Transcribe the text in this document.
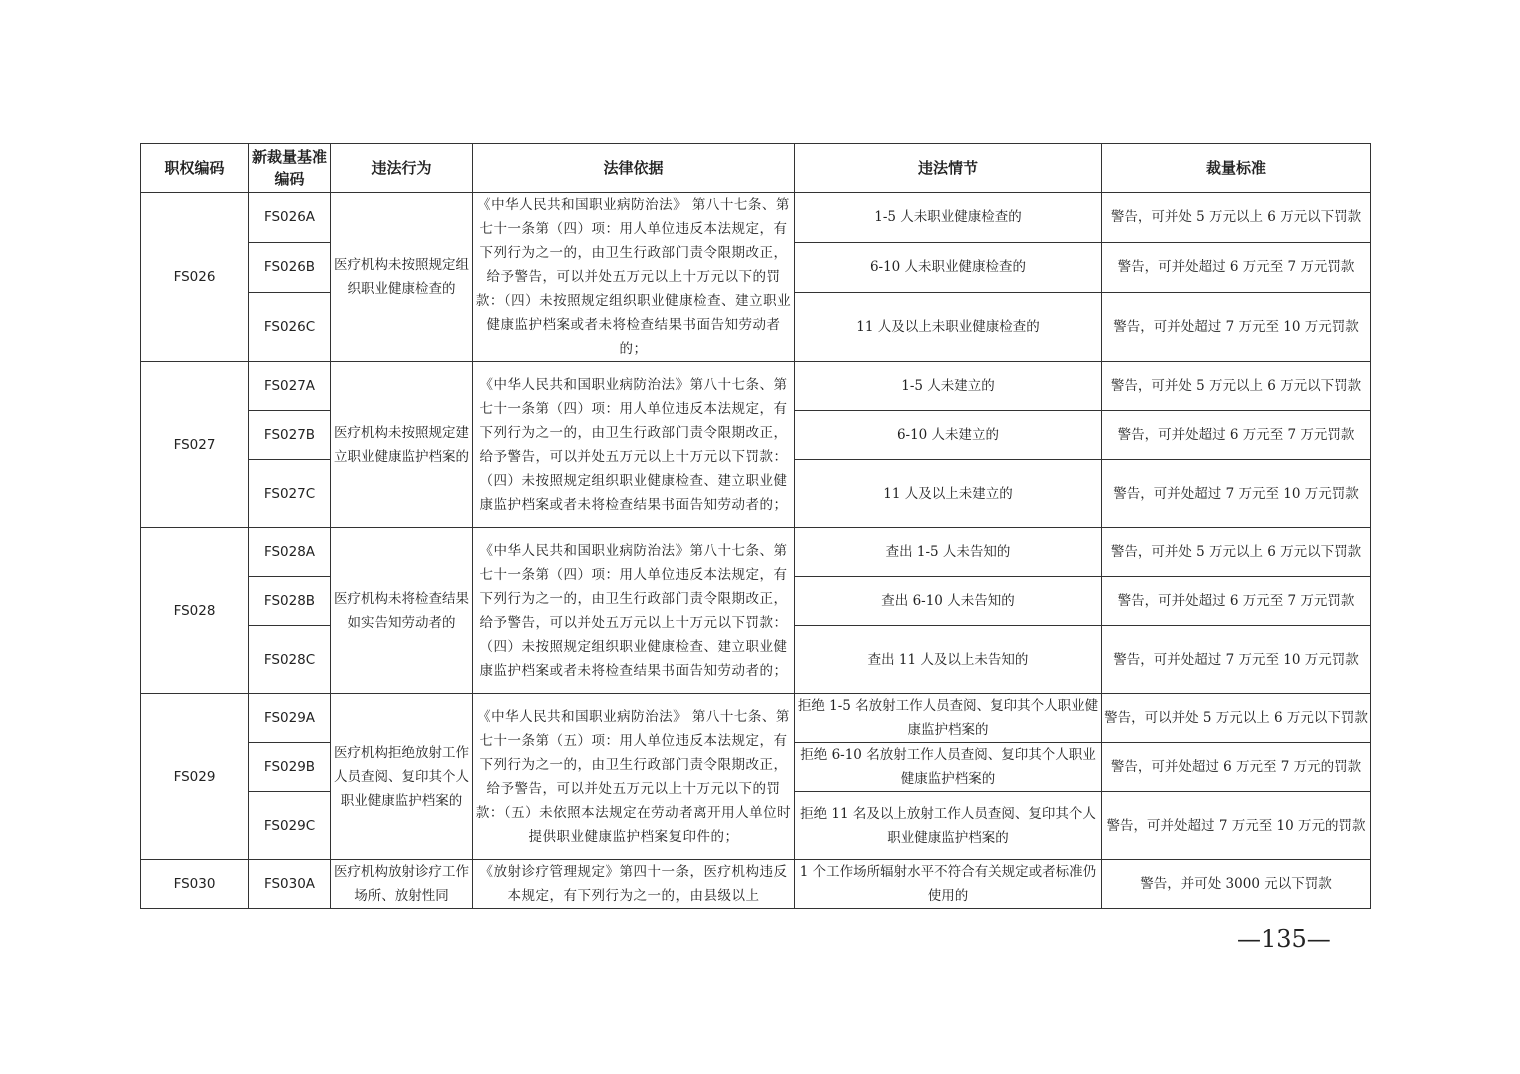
职权编码	新裁量基准编码	违法行为	法律依据	违法情节	裁量标准
FS026	FS026A	医疗机构未按照规定组织职业健康检查的	《中华人民共和国职业病防治法》 第八十七条、第七十一条第（四）项：用人单位违反本法规定，有下列行为之一的，由卫生行政部门责令限期改正，给予警告，可以并处五万元以上十万元以下的罚款：（四）未按照规定组织职业健康检查、建立职业健康监护档案或者未将检查结果书面告知劳动者的；	1-5 人未职业健康检查的	警告，可并处 5 万元以上 6 万元以下罚款
	FS026B			6-10 人未职业健康检查的	警告，可并处超过 6 万元至 7 万元罚款
	FS026C			11 人及以上未职业健康检查的	警告，可并处超过 7 万元至 10 万元罚款
FS027	FS027A	医疗机构未按照规定建立职业健康监护档案的	《中华人民共和国职业病防治法》第八十七条、第七十一条第（四）项：用人单位违反本法规定，有下列行为之一的，由卫生行政部门责令限期改正，给予警告，可以并处五万元以上十万元以下罚款：（四）未按照规定组织职业健康检查、建立职业健康监护档案或者未将检查结果书面告知劳动者的；	1-5 人未建立的	警告，可并处 5 万元以上 6 万元以下罚款
	FS027B			6-10 人未建立的	警告，可并处超过 6 万元至 7 万元罚款
	FS027C			11 人及以上未建立的	警告，可并处超过 7 万元至 10 万元罚款
FS028	FS028A	医疗机构未将检查结果如实告知劳动者的	《中华人民共和国职业病防治法》第八十七条、第七十一条第（四）项：用人单位违反本法规定，有下列行为之一的，由卫生行政部门责令限期改正，给予警告，可以并处五万元以上十万元以下罚款：（四）未按照规定组织职业健康检查、建立职业健康监护档案或者未将检查结果书面告知劳动者的；	查出 1-5 人未告知的	警告，可并处 5 万元以上 6 万元以下罚款
	FS028B			查出 6-10 人未告知的	警告，可并处超过 6 万元至 7 万元罚款
	FS028C			查出 11 人及以上未告知的	警告，可并处超过 7 万元至 10 万元罚款
FS029	FS029A	医疗机构拒绝放射工作人员查阅、复印其个人职业健康监护档案的	《中华人民共和国职业病防治法》 第八十七条、第七十一条第（五）项：用人单位违反本法规定，有下列行为之一的，由卫生行政部门责令限期改正，给予警告，可以并处五万元以上十万元以下的罚款：（五）未依照本法规定在劳动者离开用人单位时提供职业健康监护档案复印件的；	拒绝 1-5 名放射工作人员查阅、复印其个人职业健康监护档案的	警告，可以并处 5 万元以上 6 万元以下罚款
	FS029B			拒绝 6-10 名放射工作人员查阅、复印其个人职业健康监护档案的	警告，可并处超过 6 万元至 7 万元的罚款
	FS029C			拒绝 11 名及以上放射工作人员查阅、复印其个人职业健康监护档案的	警告，可并处超过 7 万元至 10 万元的罚款
FS030	FS030A	医疗机构放射诊疗工作场所、放射性同	《放射诊疗管理规定》第四十一条，医疗机构违反本规定，有下列行为之一的，由县级以上	1 个工作场所辐射水平不符合有关规定或者标准仍使用的	警告，并可处 3000 元以下罚款
—135—
